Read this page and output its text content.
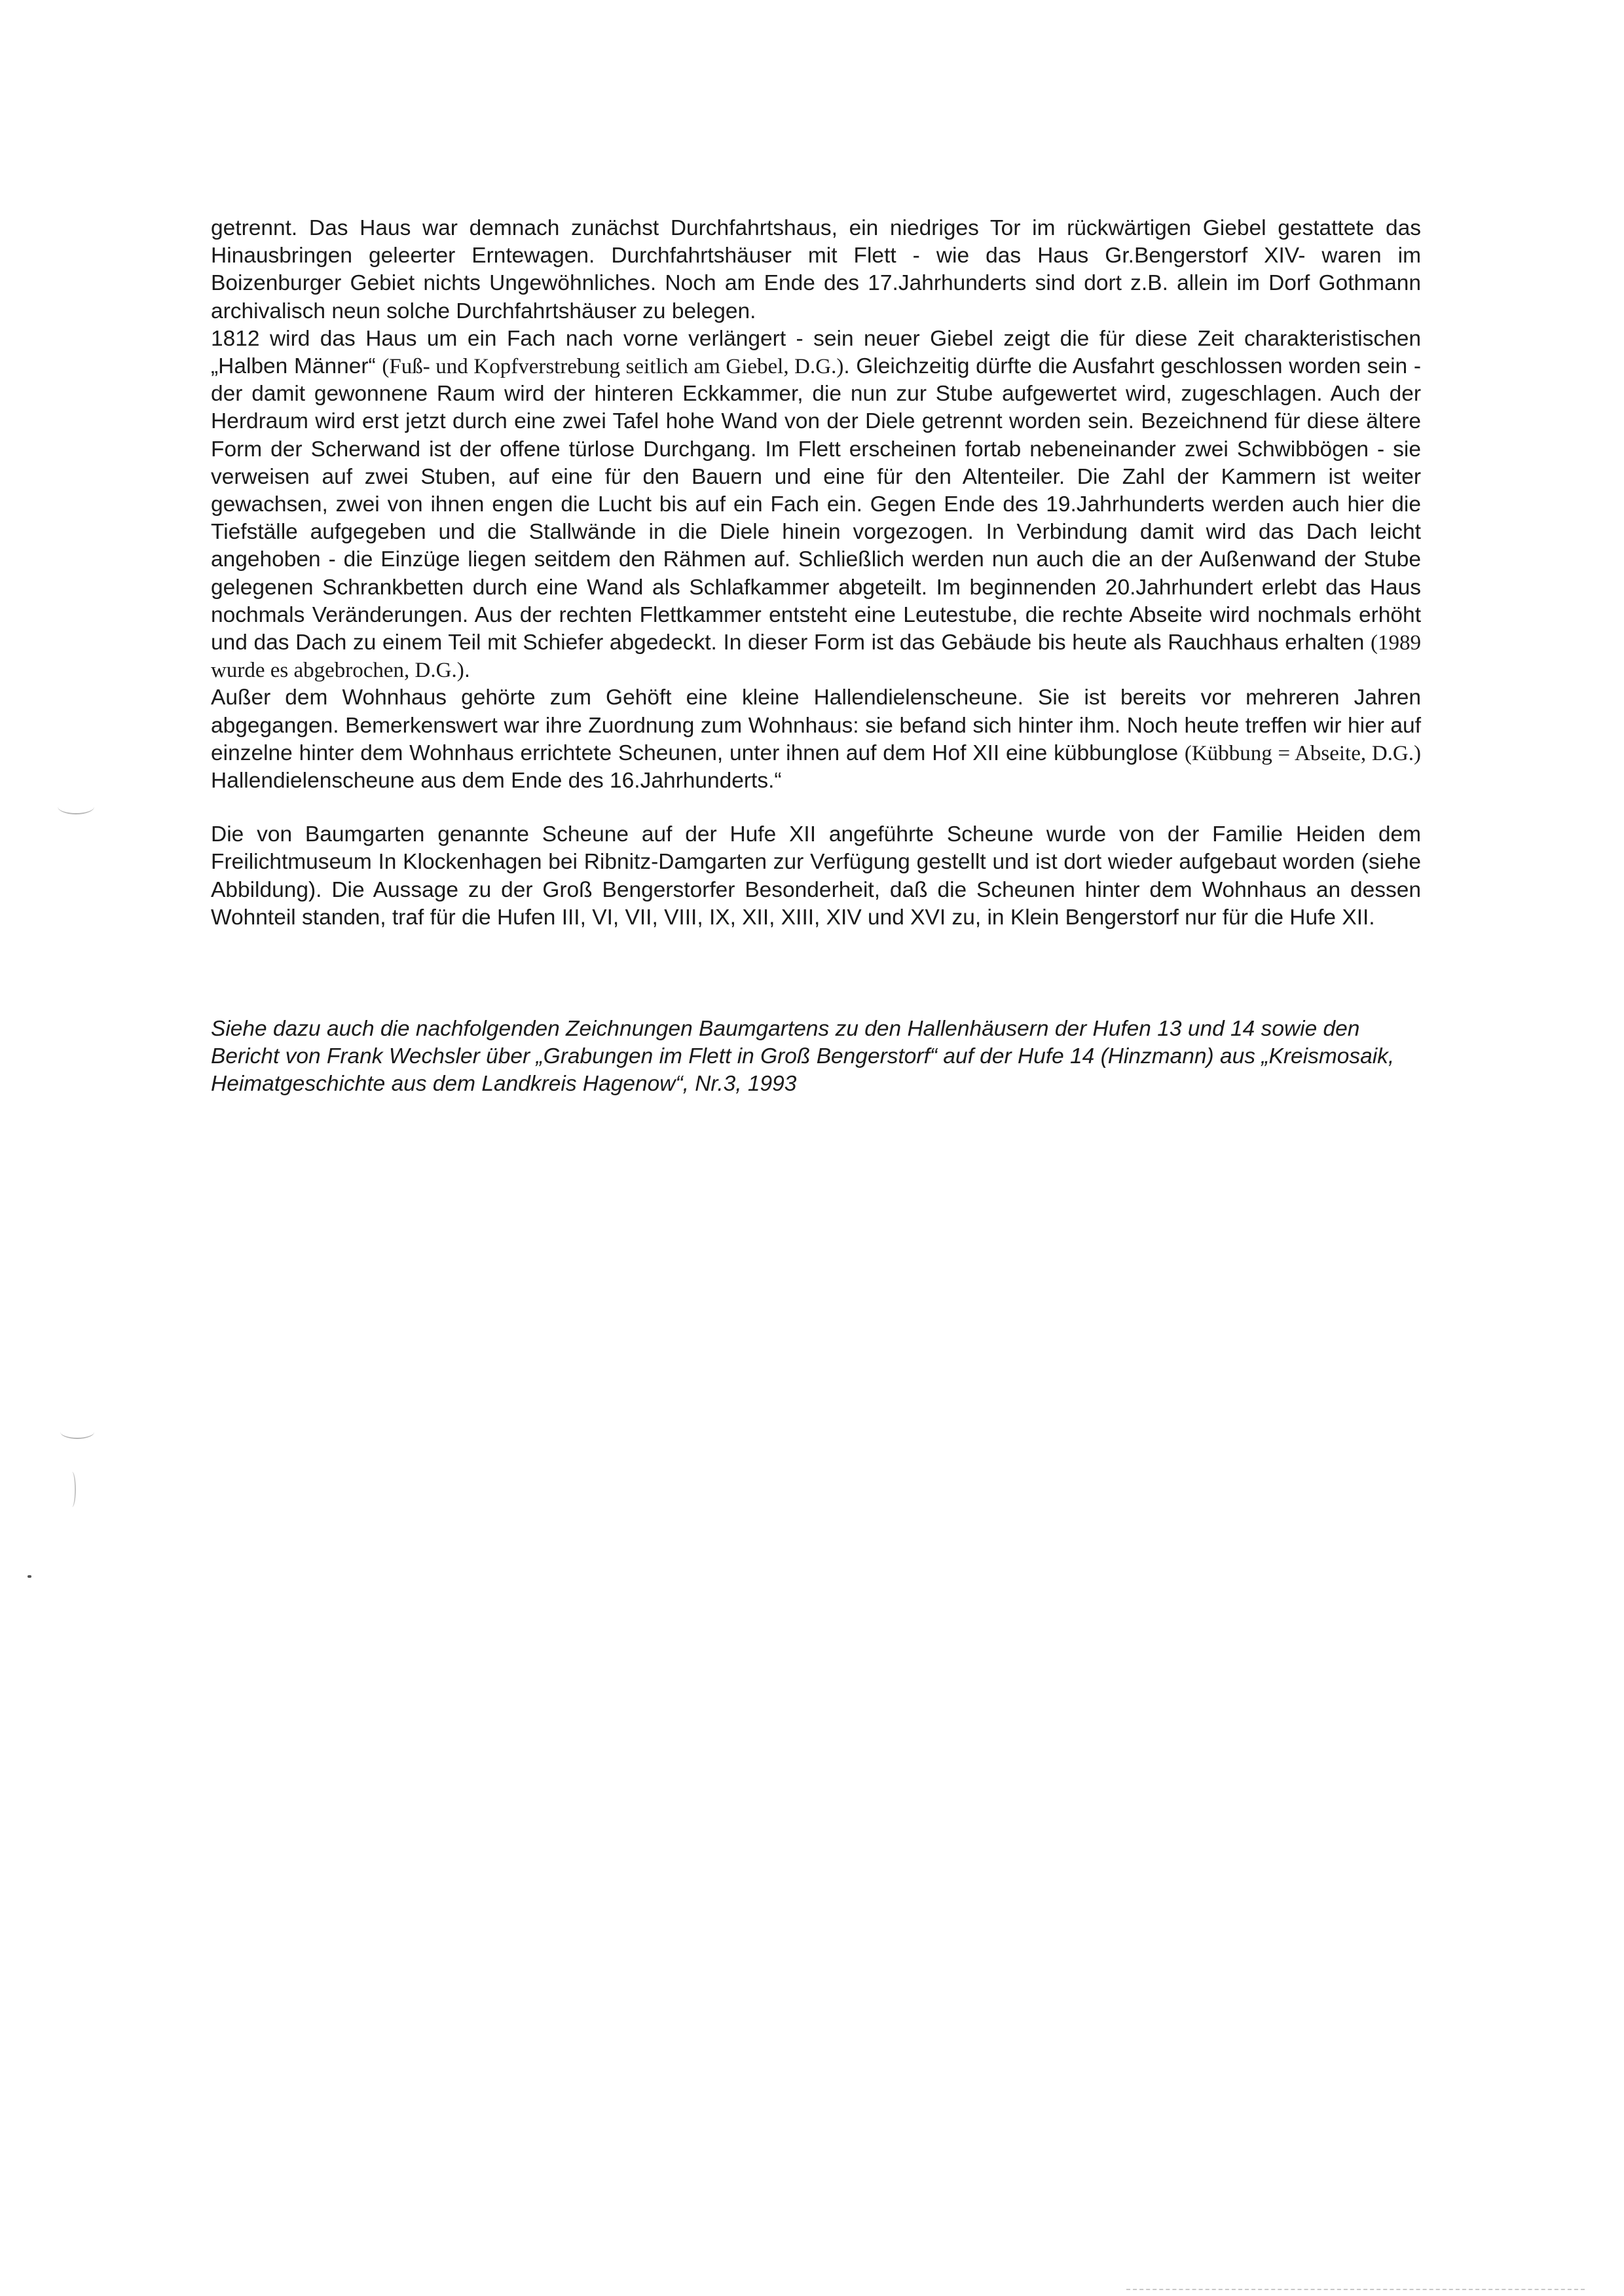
getrennt. Das Haus war demnach zunächst Durchfahrtshaus, ein niedriges Tor im rückwärtigen Giebel gestattete das Hinausbringen geleerter Erntewagen. Durchfahrtshäuser mit Flett - wie das Haus Gr.Bengerstorf XIV- waren im Boizenburger Gebiet nichts Ungewöhnliches. Noch am Ende des 17.Jahrhunderts sind dort z.B. allein im Dorf Gothmann archivalisch neun solche Durchfahrtshäuser zu belegen.

1812 wird das Haus um ein Fach nach vorne verlängert - sein neuer Giebel zeigt die für diese Zeit charakteristischen „Halben Männer“ (Fuß- und Kopfverstrebung seitlich am Giebel, D.G.). Gleichzeitig dürfte die Ausfahrt geschlossen worden sein - der damit gewonnene Raum wird der hinteren Eckkammer, die nun zur Stube aufgewertet wird, zugeschlagen. Auch der Herdraum wird erst jetzt durch eine zwei Tafel hohe Wand von der Diele getrennt worden sein. Bezeichnend für diese ältere Form der Scherwand ist der offene türlose Durchgang. Im Flett erscheinen fortab nebeneinander zwei Schwibbögen - sie verweisen auf zwei Stuben, auf eine für den Bauern und eine für den Altenteiler. Die Zahl der Kammern ist weiter gewachsen, zwei von ihnen engen die Lucht bis auf ein Fach ein. Gegen Ende des 19.Jahrhunderts werden auch hier die Tiefställe aufgegeben und die Stallwände in die Diele hinein vorgezogen. In Verbindung damit wird das Dach leicht angehoben - die Einzüge liegen seitdem den Rähmen auf. Schließlich werden nun auch die an der Außenwand der Stube gelegenen Schrankbetten durch eine Wand als Schlafkammer abgeteilt. Im beginnenden 20.Jahrhundert erlebt das Haus nochmals Veränderungen. Aus der rechten Flettkammer entsteht eine Leutestube, die rechte Abseite wird nochmals erhöht und das Dach zu einem Teil mit Schiefer abgedeckt. In dieser Form ist das Gebäude bis heute als Rauchhaus erhalten (1989 wurde es abgebrochen, D.G.).

Außer dem Wohnhaus gehörte zum Gehöft eine kleine Hallendielenscheune. Sie ist bereits vor mehreren Jahren abgegangen. Bemerkenswert war ihre Zuordnung zum Wohnhaus: sie befand sich hinter ihm. Noch heute treffen wir hier auf einzelne hinter dem Wohnhaus errichtete Scheunen, unter ihnen auf dem Hof XII eine kübbunglose (Kübbung = Abseite, D.G.) Hallendielenscheune aus dem Ende des 16.Jahrhunderts.“

Die von Baumgarten genannte Scheune auf der Hufe XII angeführte Scheune wurde von der Familie Heiden dem Freilichtmuseum In Klockenhagen bei Ribnitz-Damgarten zur Verfügung gestellt und ist dort wieder aufgebaut worden (siehe Abbildung). Die Aussage zu der Groß Bengerstorfer Besonderheit, daß die Scheunen hinter dem Wohnhaus an dessen Wohnteil standen, traf für die Hufen III, VI, VII, VIII, IX, XII, XIII, XIV und XVI zu, in Klein Bengerstorf nur für die Hufe XII.

Siehe dazu auch die nachfolgenden Zeichnungen Baumgartens zu den Hallenhäusern der Hufen 13 und 14 sowie den

Bericht von Frank Wechsler über „Grabungen im Flett in Groß Bengerstorf“ auf der Hufe 14 (Hinzmann) aus „Kreismosaik, Heimatgeschichte aus dem Landkreis Hagenow“, Nr.3, 1993
